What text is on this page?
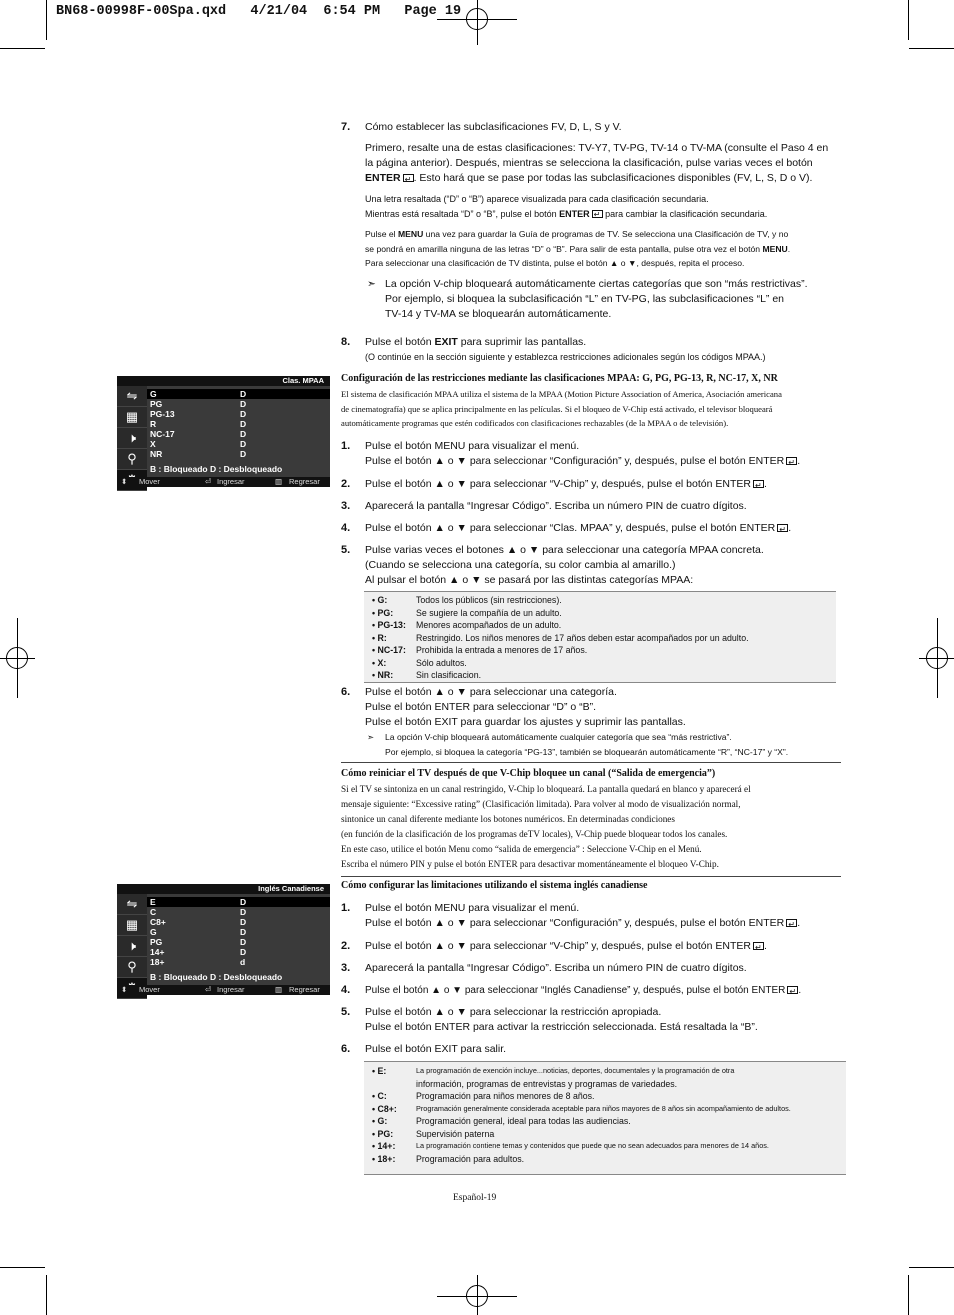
BN68-00998F-00Spa.qxd   4/21/04  6:54 PM   Page 19
7. Cómo establecer las subclasificaciones FV, D, L, S y V.
Primero, resalte una de estas clasificaciones: TV-Y7, TV-PG, TV-14 o TV-MA (consulte el Paso 4 en
la página anterior). Después, mientras se selecciona la clasificación, pulse varias veces el botón
ENTER ↵ . Esto hará que se pase por todas las subclasificaciones disponibles (FV, L, S, D o V).
Una letra resaltada (“D” o “B”) aparece visualizada para cada clasificación secundaria.
Mientras está resaltada “D” o “B”, pulse el botón ENTER ↵ para cambiar la clasificación secundaria.
Pulse el MENU una vez para guardar la Guía de programas de TV. Se selecciona una Clasificación de TV, y no
se pondrá en amarilla ninguna de las letras “D” o “B”. Para salir de esta pantalla, pulse otra vez el botón MENU.
Para seleccionar una clasificación de TV distinta, pulse el botón ▲ o ▼, después, repita el proceso.
➣ La opción V-chip bloqueará automáticamente ciertas categorías que son “más restrictivas”.
Por ejemplo, si bloquea la subclasificación “L” en TV-PG, las subclasificaciones “L” en
TV-14 y TV-MA se bloquearán automáticamente.
8. Pulse el botón EXIT para suprimir las pantallas.
(O continúe en la sección siguiente y establezca restricciones adicionales según los códigos MPAA.)
Configuración de las restricciones mediante las clasificaciones MPAA: G, PG, PG-13, R, NC-17, X, NR
El sistema de clasificación MPAA utiliza el sistema de la MPAA (Motion Picture Association of America, Asociación americana
de cinematografía) que se aplica principalmente en las películas. Si el bloqueo de V-Chip está activado, el televisor bloqueará
automáticamente programas que estén codificados con clasificaciones rechazables (de la MPAA o de televisión).
1. Pulse el botón MENU para visualizar el menú.
Pulse el botón ▲ o ▼ para seleccionar “Configuración” y, después, pulse el botón ENTER ↵ .
2. Pulse el botón ▲ o ▼ para seleccionar “V-Chip” y, después, pulse el botón ENTER ↵ .
3. Aparecerá la pantalla “Ingresar Código”. Escriba un número PIN de cuatro dígitos.
4. Pulse el botón ▲ o ▼ para seleccionar “Clas. MPAA” y, después, pulse el botón ENTER ↵ .
5. Pulse varias veces el botones ▲ o ▼ para seleccionar una categoría MPAA concreta.
(Cuando se selecciona una categoría, su color cambia al amarillo.)
Al pulsar el botón ▲ o ▼ se pasará por las distintas categorías MPAA:
• G:	Todos los públicos (sin restricciones).
• PG:	Se sugiere la compañía de un adulto.
• PG-13: Menores acompañados de un adulto.
• R:	Restringido. Los niños menores de 17 años deben estar acompañados por un adulto.
• NC-17: Prohibida la entrada a menores de 17 años.
• X:	Sólo adultos.
• NR:	Sin clasificacion.
6. Pulse el botón ▲ o ▼ para seleccionar una categoría.
Pulse el botón ENTER para seleccionar “D” o “B”.
Pulse el botón EXIT para guardar los ajustes y suprimir las pantallas.
➣ La opción V-chip bloqueará automáticamente cualquier categoría que sea “más restrictiva”.
Por ejemplo, si bloquea la categoría “PG-13”, también se bloquearán automáticamente “R”, “NC-17” y “X”.
Cómo reiniciar el TV después de que V-Chip bloquee un canal (“Salida de emergencia”)
Si el TV se sintoniza en un canal restringido, V-Chip lo bloqueará. La pantalla quedará en blanco y aparecerá el
mensaje siguiente: “Excessive rating” (Clasificación limitada). Para volver al modo de visualización normal,
sintonice un canal diferente mediante los botones numéricos. En determinadas condiciones
(en función de la clasificación de los programas deTV locales), V-Chip puede bloquear todos los canales.
En este caso, utilice el botón Menu como “salida de emergencia” : Seleccione V-Chip en el Menú.
Escriba el número PIN y pulse el botón ENTER para desactivar momentáneamente el bloqueo V-Chip.
Cómo configurar las limitaciones utilizando el sistema inglés canadiense
1. Pulse el botón MENU para visualizar el menú.
Pulse el botón ▲ o ▼ para seleccionar “Configuración” y, después, pulse el botón ENTER ↵ .
2. Pulse el botón ▲ o ▼ para seleccionar “V-Chip” y, después, pulse el botón ENTER ↵ .
3. Aparecerá la pantalla “Ingresar Código”. Escriba un número PIN de cuatro dígitos.
4. Pulse el botón ▲ o ▼ para seleccionar “Inglés Canadiense” y, después, pulse el botón ENTER ↵ .
5. Pulse el botón ▲ o ▼ para seleccionar la restricción apropiada.
Pulse el botón ENTER para activar la restricción seleccionada. Está resaltada la “B”.
6. Pulse el botón EXIT para salir.
• E:	La programación de exención incluye...noticias, deportes, documentales y la programación de otra
información, programas de entrevistas y programas de variedades.
• C:	Programación para niños menores de 8 años.
• C8+:	Programación generalmente considerada aceptable para niños mayores de 8 años sin acompañamiento de adultos.
• G:	Programación general, ideal para todas las audiencias.
• PG:	Supervisión paterna
• 14+:	La programación contiene temas y contenidos que puede que no sean adecuados para menores de 14 años.
• 18+: Programación para adultos.
Español-19
Clas. MPAA
⇋
▦
🕨
⚲
G	D
PG	D
PG-13	D
R	D
NC-17	D
X	D
NR	D
B : Bloqueado D : Desbloqueado
⬍ Mover	⏎ Ingresar	▥ Regresar
Inglés Canadiense
⇋
▦
🕨
⚲
E	D
C	D
C8+	D
G	D
PG	D
14+	D
18+	d
B : Bloqueado D : Desbloqueado
⬍ Mover	⏎ Ingresar	▥ Regresar
